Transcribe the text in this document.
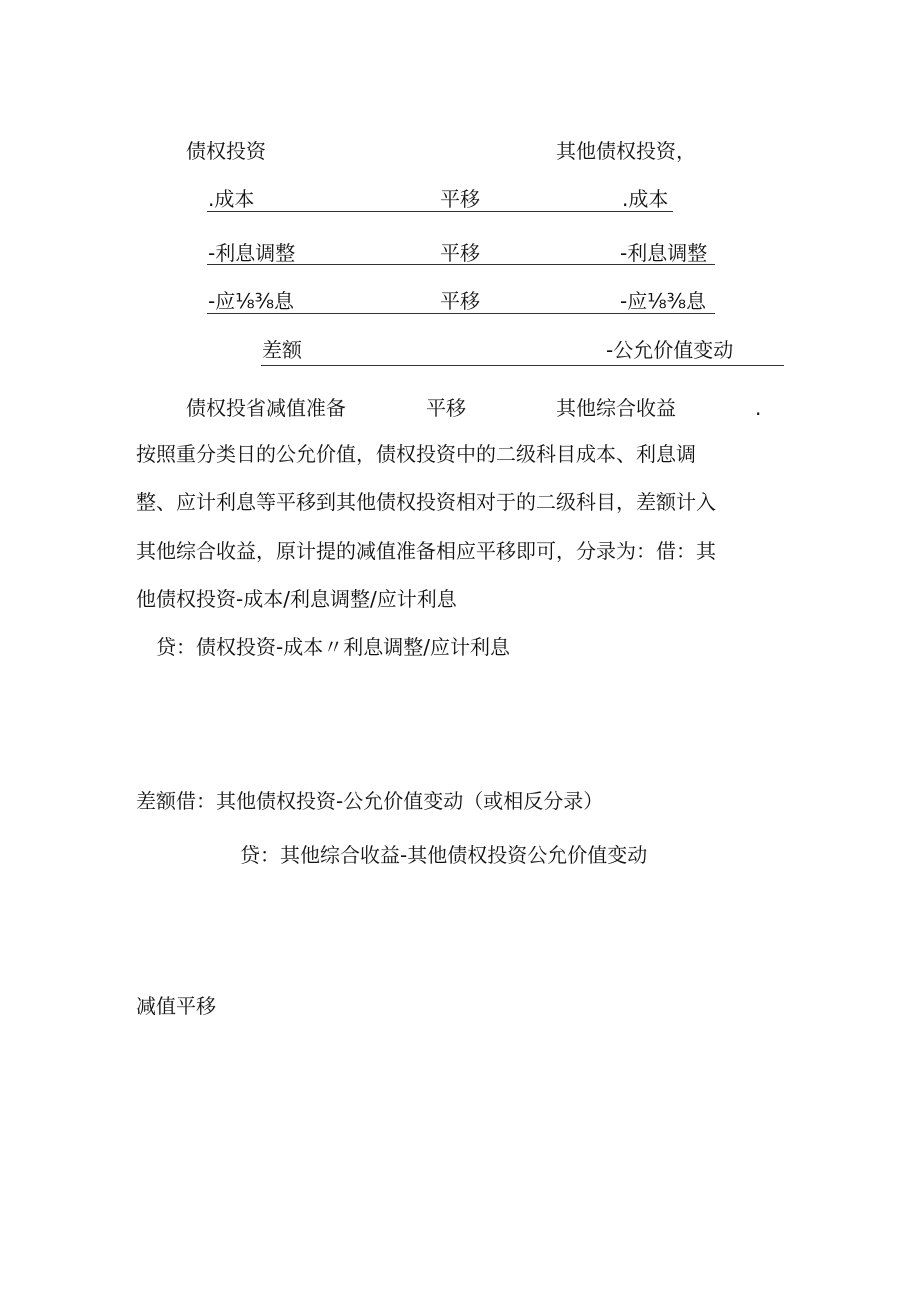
债权投资	其他债权投资，
.成本	平移	.成本
-利息调整	平移	-利息调整
-应⅛⅜息	平移	-应⅛⅜息
差额	-公允价值变动
债权投省减值准备	平移	其他综合收益	.
按照重分类日的公允价值，债权投资中的二级科目成本、利息调
整、应计利息等平移到其他债权投资相对于的二级科目，差额计入
其他综合收益，原计提的减值准备相应平移即可，分录为：借：其
他债权投资-成本/利息调整/应计利息
贷：债权投资-成本〃利息调整/应计利息
差额借：其他债权投资-公允价值变动（或相反分录）
贷：其他综合收益-其他债权投资公允价值变动
减值平移
